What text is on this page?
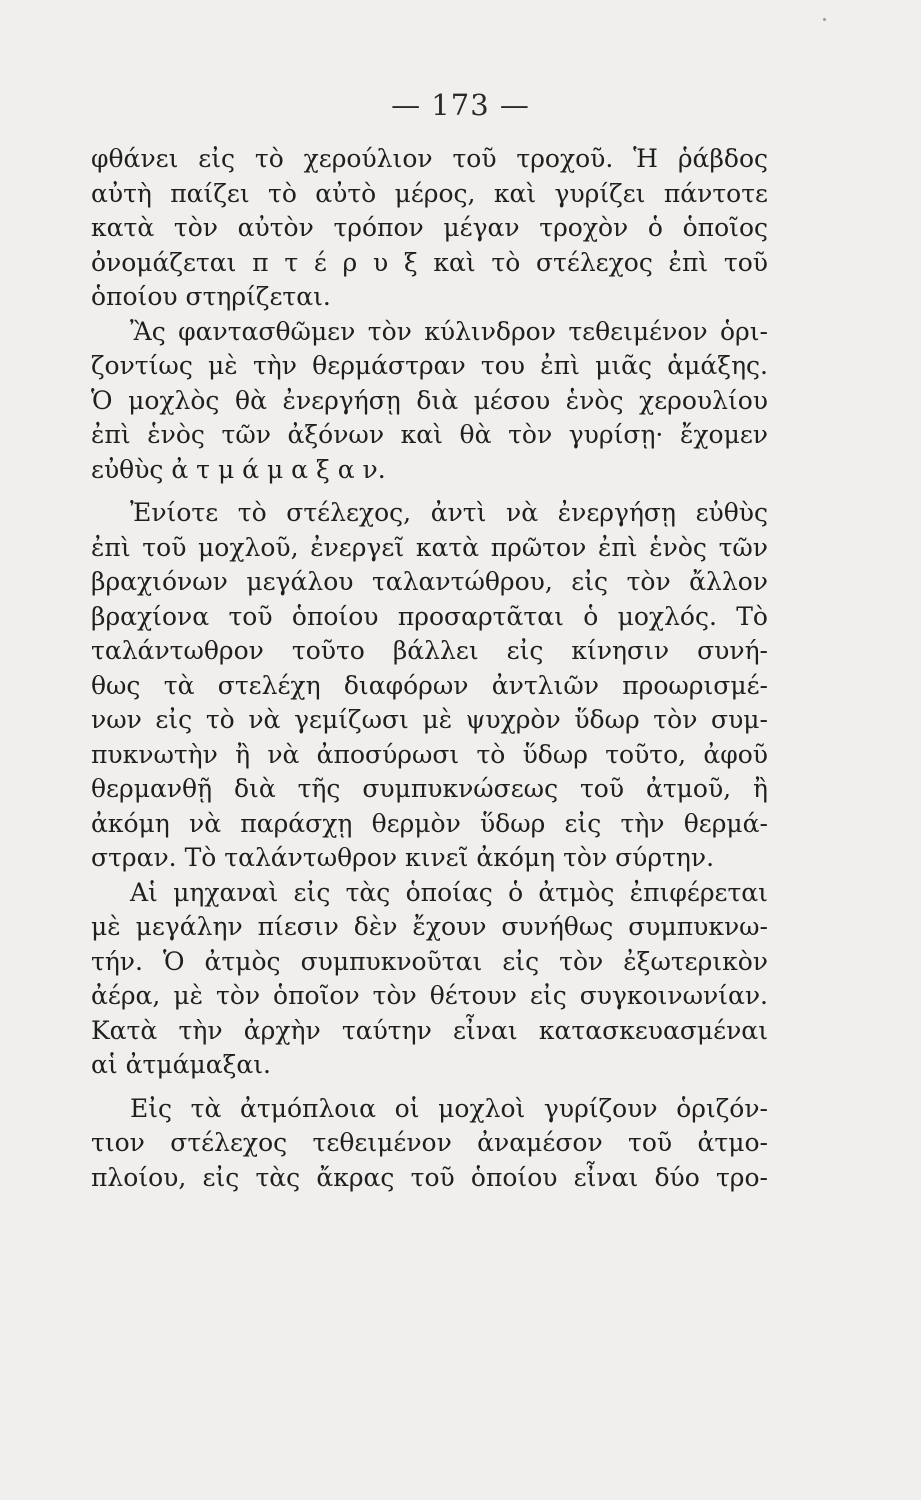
— 173 —
φθάνει εἰς τὸ χερούλιον τοῦ τροχοῦ. Ἡ ῥάβδος
αὐτὴ παίζει τὸ αὐτὸ μέρος, καὶ γυρίζει πάντοτε
κατὰ τὸν αὐτὸν τρόπον μέγαν τροχὸν ὁ ὁποῖος
ὀνομάζεται π τ έ ρ υ ξ καὶ τὸ στέλεχος ἐπὶ τοῦ
ὁποίου στηρίζεται.
Ἂς φαντασθῶμεν τὸν κύλινδρον τεθειμένον ὁρι-
ζοντίως μὲ τὴν θερμάστραν του ἐπὶ μιᾶς ἁμάξης.
Ὁ μοχλὸς θὰ ἐνεργήσῃ διὰ μέσου ἑνὸς χερουλίου
ἐπὶ ἑνὸς τῶν ἀξόνων καὶ θὰ τὸν γυρίσῃ· ἔχομεν
εὐθὺς ἀ τ μ ά μ α ξ α ν.
Ἐνίοτε τὸ στέλεχος, ἀντὶ νὰ ἐνεργήσῃ εὐθὺς
ἐπὶ τοῦ μοχλοῦ, ἐνεργεῖ κατὰ πρῶτον ἐπὶ ἑνὸς τῶν
βραχιόνων μεγάλου ταλαντώθρου, εἰς τὸν ἄλλον
βραχίονα τοῦ ὁποίου προσαρτᾶται ὁ μοχλός. Τὸ
ταλάντωθρον τοῦτο βάλλει εἰς κίνησιν συνή-
θως τὰ στελέχη διαφόρων ἀντλιῶν προωρισμέ-
νων εἰς τὸ νὰ γεμίζωσι μὲ ψυχρὸν ὕδωρ τὸν συμ-
πυκνωτὴν ἢ νὰ ἀποσύρωσι τὸ ὕδωρ τοῦτο, ἀφοῦ
θερμανθῇ διὰ τῆς συμπυκνώσεως τοῦ ἀτμοῦ, ἢ
ἀκόμη νὰ παράσχῃ θερμὸν ὕδωρ εἰς τὴν θερμά-
στραν. Τὸ ταλάντωθρον κινεῖ ἀκόμη τὸν σύρτην.
Αἱ μηχαναὶ εἰς τὰς ὁποίας ὁ ἀτμὸς ἐπιφέρεται
μὲ μεγάλην πίεσιν δὲν ἔχουν συνήθως συμπυκνω-
τήν. Ὁ ἀτμὸς συμπυκνοῦται εἰς τὸν ἐξωτερικὸν
ἀέρα, μὲ τὸν ὁποῖον τὸν θέτουν εἰς συγκοινωνίαν.
Κατὰ τὴν ἀρχὴν ταύτην εἶναι κατασκευασμέναι
αἱ ἀτμάμαξαι.
Εἰς τὰ ἀτμόπλοια οἱ μοχλοὶ γυρίζουν ὁριζόν-
τιον στέλεχος τεθειμένον ἀναμέσον τοῦ ἀτμο-
πλοίου, εἰς τὰς ἄκρας τοῦ ὁποίου εἶναι δύο τρο-
